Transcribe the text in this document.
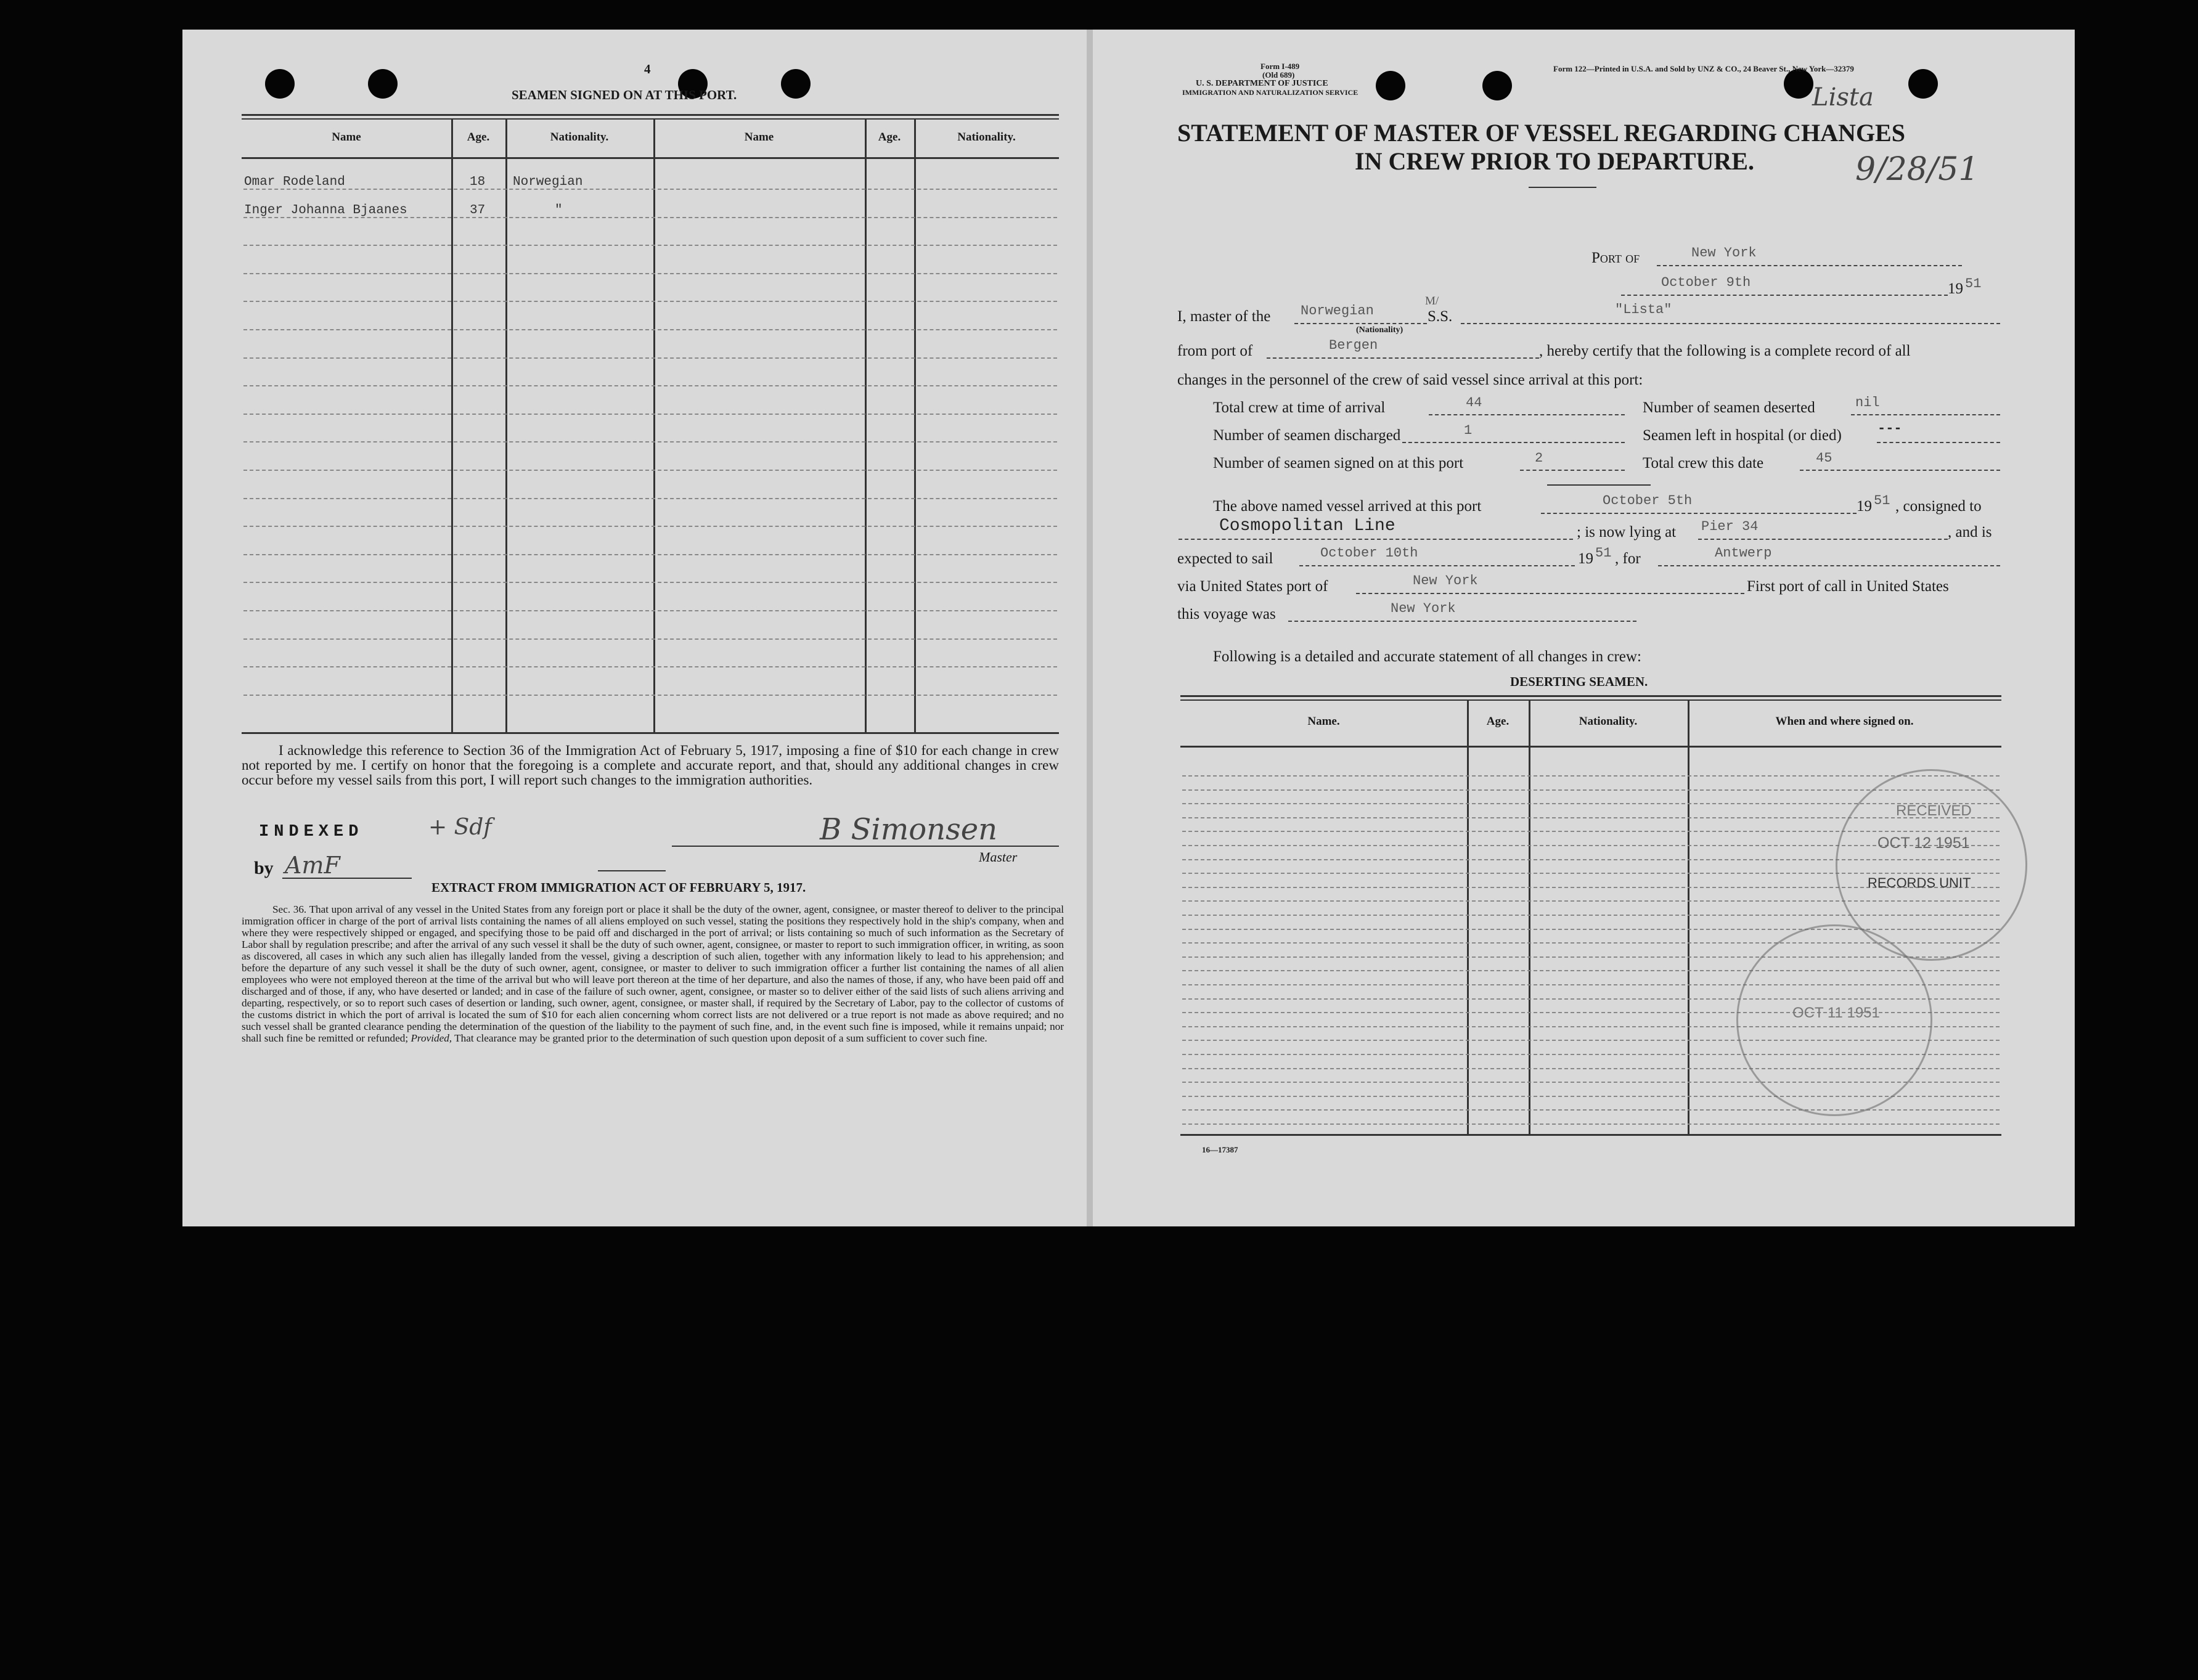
4
SEAMEN SIGNED ON AT THIS PORT.
Name	Age.	Nationality.	Name	Age.	Nationality.
Omar Rodeland	18 Norwegian
Inger Johanna Bjaanes	37	"
I acknowledge this reference to Section 36 of the Immigration Act of February 5, 1917, imposing a fine of $10 for each change in crew not reported by me. I certify on honor that the foregoing is a complete and accurate report, and that, should any additional changes in crew occur before my vessel sails from this port, I will report such changes to the immigration authorities.
INDEXED	+ Sdf
by AmF
B Simonsen
Master
EXTRACT FROM IMMIGRATION ACT OF FEBRUARY 5, 1917.
Sec. 36. That upon arrival of any vessel in the United States from any foreign port or place it shall be the duty of the owner, agent, consignee, or master thereof to deliver to the principal immigration officer in charge of the port of arrival lists containing the names of all aliens employed on such vessel, stating the positions they respectively hold in the ship's company, when and where they were respectively shipped or engaged, and specifying those to be paid off and discharged in the port of arrival; or lists containing so much of such information as the Secretary of Labor shall by regulation prescribe; and after the arrival of any such vessel it shall be the duty of such owner, agent, consignee, or master to report to such immigration officer, in writing, as soon as discovered, all cases in which any such alien has illegally landed from the vessel, giving a description of such alien, together with any information likely to lead to his apprehension; and before the departure of any such vessel it shall be the duty of such owner, agent, consignee, or master to deliver to such immigration officer a further list containing the names of all alien employees who were not employed thereon at the time of the arrival but who will leave port thereon at the time of her departure, and also the names of those, if any, who have been paid off and discharged and of those, if any, who have deserted or landed; and in case of the failure of such owner, agent, consignee, or master so to deliver either of the said lists of such aliens arriving and departing, respectively, or so to report such cases of desertion or landing, such owner, agent, consignee, or master shall, if required by the Secretary of Labor, pay to the collector of customs of the customs district in which the port of arrival is located the sum of $10 for each alien concerning whom correct lists are not delivered or a true report is not made as above required; and no such vessel shall be granted clearance pending the determination of the question of the liability to the payment of such fine, and, in the event such fine is imposed, while it remains unpaid; nor shall such fine be remitted or refunded; Provided, That clearance may be granted prior to the determination of such question upon deposit of a sum sufficient to cover such fine.
Form I-489
(Old 689)
U. S. DEPARTMENT OF JUSTICE
IMMIGRATION AND NATURALIZATION SERVICE
Form 122—Printed in U.S.A. and Sold by UNZ & CO., 24 Beaver St., New York—32379
Lista
9/28/51
STATEMENT OF MASTER OF VESSEL REGARDING CHANGES
IN CREW PRIOR TO DEPARTURE.
Port of	New York
October 9th	19 51
I, master of the Norwegian
(Nationality)
M/
S.S.	"Lista"
from port of	Bergen	, hereby certify that the following is a complete record of all
changes in the personnel of the crew of said vessel since arrival at this port:
Total crew at time of arrival	44	Number of seamen deserted	nil
Number of seamen discharged	1	Seamen left in hospital (or died)	---
Number of seamen signed on at this port	2	Total crew this date	45
The above named vessel arrived at this port	October 5th	19 51 , consigned to
Cosmopolitan Line	; is now lying at Pier 34	, and is
expected to sail	October 10th	19 51 , for	Antwerp
via United States port of	New York	First port of call in United States
this voyage was	New York
Following is a detailed and accurate statement of all changes in crew:
DESERTING SEAMEN.
Name.	Age.	Nationality.	When and where signed on.
16—17387
RECEIVED
OCT 12 1951
RECORDS UNIT
OCT 11 1951
